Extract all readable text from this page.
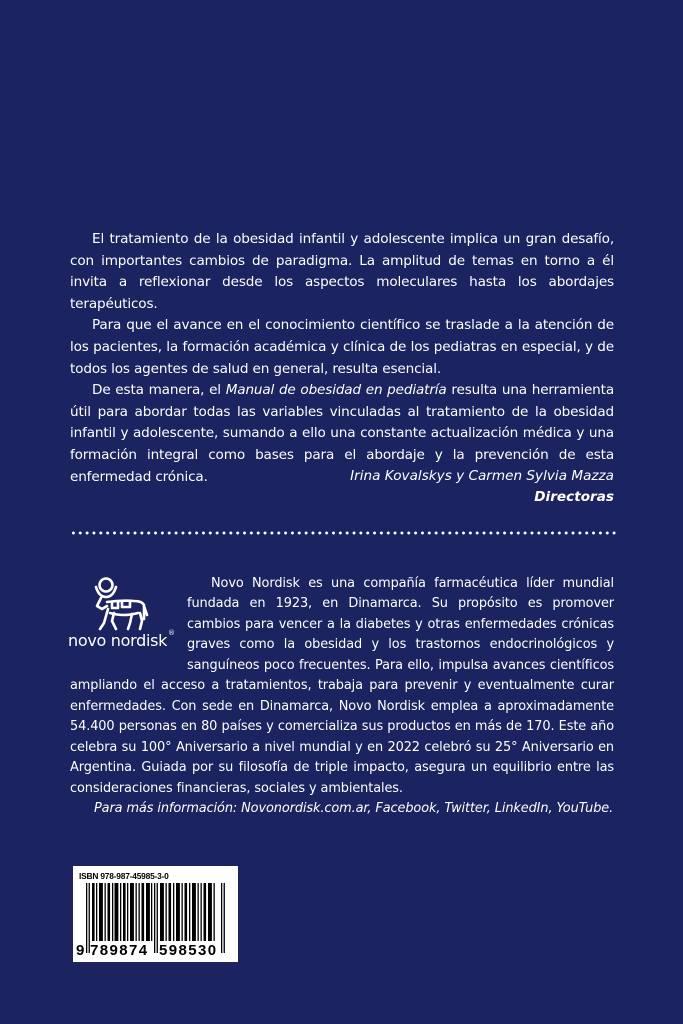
El tratamiento de la obesidad infantil y adolescente implica un gran desafío, con importantes cambios de paradigma. La amplitud de temas en torno a él invita a reflexionar desde los aspectos moleculares hasta los abordajes terapéuticos.

Para que el avance en el conocimiento científico se traslade a la atención de los pacientes, la formación académica y clínica de los pediatras en especial, y de todos los agentes de salud en general, resulta esencial.

De esta manera, el Manual de obesidad en pediatría resulta una herramienta útil para abordar todas las variables vinculadas al tratamiento de la obesidad infantil y adolescente, sumando a ello una constante actualización médica y una formación integral como bases para el abordaje y la prevención de esta enfermedad crónica.	Irina Kovalskys y Carmen Sylvia Mazza
Directoras
novo nordisk ®

Novo Nordisk es una compañía farmacéutica líder mundial fundada en 1923, en Dinamarca. Su propósito es promover cambios para vencer a la diabetes y otras enfermedades crónicas graves como la obesidad y los trastornos endocrinológicos y sanguíneos poco frecuentes. Para ello, impulsa avances científicos ampliando el acceso a tratamientos, trabaja para prevenir y eventualmente curar enfermedades. Con sede en Dinamarca, Novo Nordisk emplea a aproximadamente 54.400 personas en 80 países y comercializa sus productos en más de 170. Este año celebra su 100° Aniversario a nivel mundial y en 2022 celebró su 25° Aniversario en Argentina. Guiada por su filosofía de triple impacto, asegura un equilibrio entre las consideraciones financieras, sociales y ambientales.

Para más información: Novonordisk.com.ar, Facebook, Twitter, LinkedIn, YouTube.

ISBN 978-987-45985-3-0
9 789874 598530
